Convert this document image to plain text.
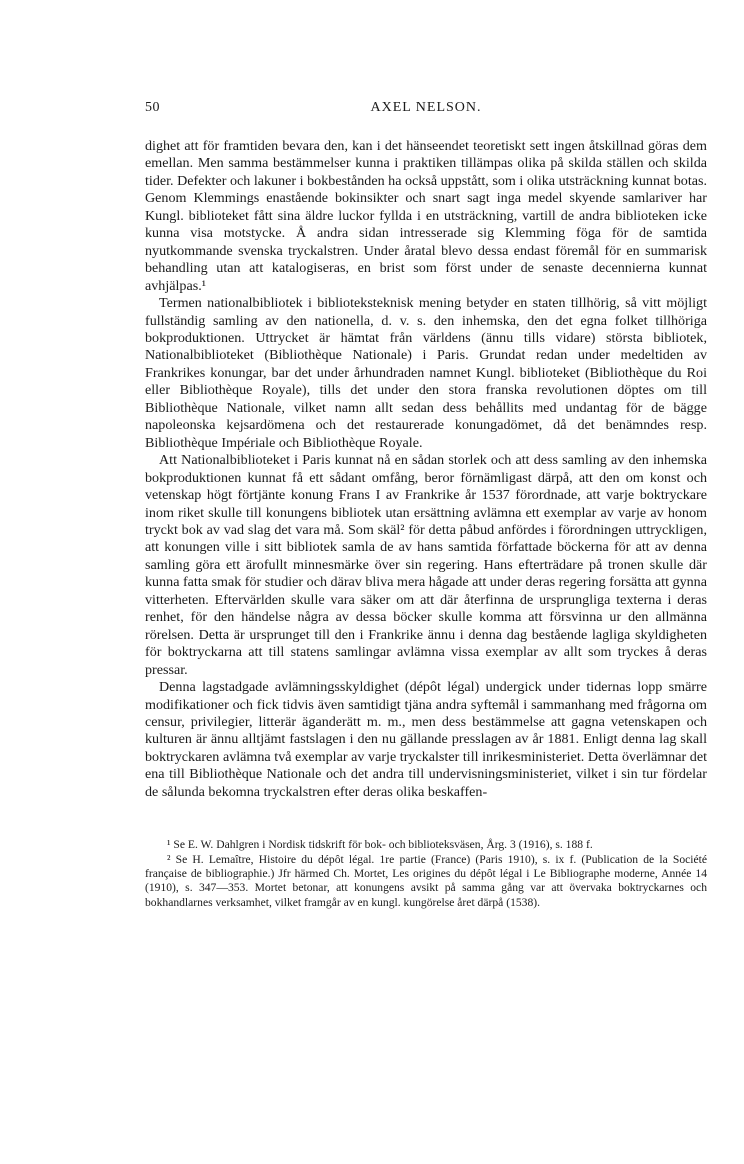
50	AXEL NELSON.

dighet att för framtiden bevara den, kan i det hänseendet teoretiskt sett ingen åtskillnad göras dem emellan. Men samma bestämmelser kunna i praktiken tillämpas olika på skilda ställen och skilda tider. Defekter och lakuner i bokbestånden ha också uppstått, som i olika utsträckning kunnat botas. Genom Klemmings enastående bokinsikter och snart sagt inga medel skyende samlariver har Kungl. biblioteket fått sina äldre luckor fyllda i en utsträckning, vartill de andra biblioteken icke kunna visa motstycke. Å andra sidan intresserade sig Klemming föga för de samtida nyutkommande svenska tryckalstren. Under åratal blevo dessa endast föremål för en summarisk behandling utan att katalogiseras, en brist som först under de senaste decennierna kunnat avhjälpas.¹

Termen nationalbibliotek i biblioteksteknisk mening betyder en staten tillhörig, så vitt möjligt fullständig samling av den nationella, d. v. s. den inhemska, den det egna folket tillhöriga bokproduktionen. Uttrycket är hämtat från världens (ännu tills vidare) största bibliotek, Nationalbiblioteket (Bibliothèque Nationale) i Paris. Grundat redan under medeltiden av Frankrikes konungar, bar det under århundraden namnet Kungl. biblioteket (Bibliothèque du Roi eller Bibliothèque Royale), tills det under den stora franska revolutionen döptes om till Bibliothèque Nationale, vilket namn allt sedan dess behållits med undantag för de bägge napoleonska kejsardömena och det restaurerade konungadömet, då det benämndes resp. Bibliothèque Impériale och Bibliothèque Royale.

Att Nationalbiblioteket i Paris kunnat nå en sådan storlek och att dess samling av den inhemska bokproduktionen kunnat få ett sådant omfång, beror förnämligast därpå, att den om konst och vetenskap högt förtjänte konung Frans I av Frankrike år 1537 förordnade, att varje boktryckare inom riket skulle till konungens bibliotek utan ersättning avlämna ett exemplar av varje av honom tryckt bok av vad slag det vara må. Som skäl² för detta påbud anfördes i förordningen uttryckligen, att konungen ville i sitt bibliotek samla de av hans samtida författade böckerna för att av denna samling göra ett ärofullt minnesmärke över sin regering. Hans efterträdare på tronen skulle där kunna fatta smak för studier och därav bliva mera hågade att under deras regering forsätta att gynna vitterheten. Eftervärlden skulle vara säker om att där återfinna de ursprungliga texterna i deras renhet, för den händelse några av dessa böcker skulle komma att försvinna ur den allmänna rörelsen. Detta är ursprunget till den i Frankrike ännu i denna dag bestående lagliga skyldigheten för boktryckarna att till statens samlingar avlämna vissa exemplar av allt som tryckes å deras pressar.

Denna lagstadgade avlämningsskyldighet (dépôt légal) undergick under tidernas lopp smärre modifikationer och fick tidvis även samtidigt tjäna andra syftemål i sammanhang med frågorna om censur, privilegier, litterär äganderätt m. m., men dess bestämmelse att gagna vetenskapen och kulturen är ännu alltjämt fastslagen i den nu gällande presslagen av år 1881. Enligt denna lag skall boktryckaren avlämna två exemplar av varje tryckalster till inrikesministeriet. Detta överlämnar det ena till Bibliothèque Nationale och det andra till undervisningsministeriet, vilket i sin tur fördelar de sålunda bekomna tryckalstren efter deras olika beskaffen-

¹ Se E. W. Dahlgren i Nordisk tidskrift för bok- och biblioteksväsen, Årg. 3 (1916), s. 188 f.

² Se H. Lemaître, Histoire du dépôt légal. 1re partie (France) (Paris 1910), s. ix f. (Publication de la Société française de bibliographie.) Jfr härmed Ch. Mortet, Les origines du dépôt légal i Le Bibliographe moderne, Année 14 (1910), s. 347—353. Mortet betonar, att konungens avsikt på samma gång var att övervaka boktryckarnes och bokhandlarnes verksamhet, vilket framgår av en kungl. kungörelse året därpå (1538).
